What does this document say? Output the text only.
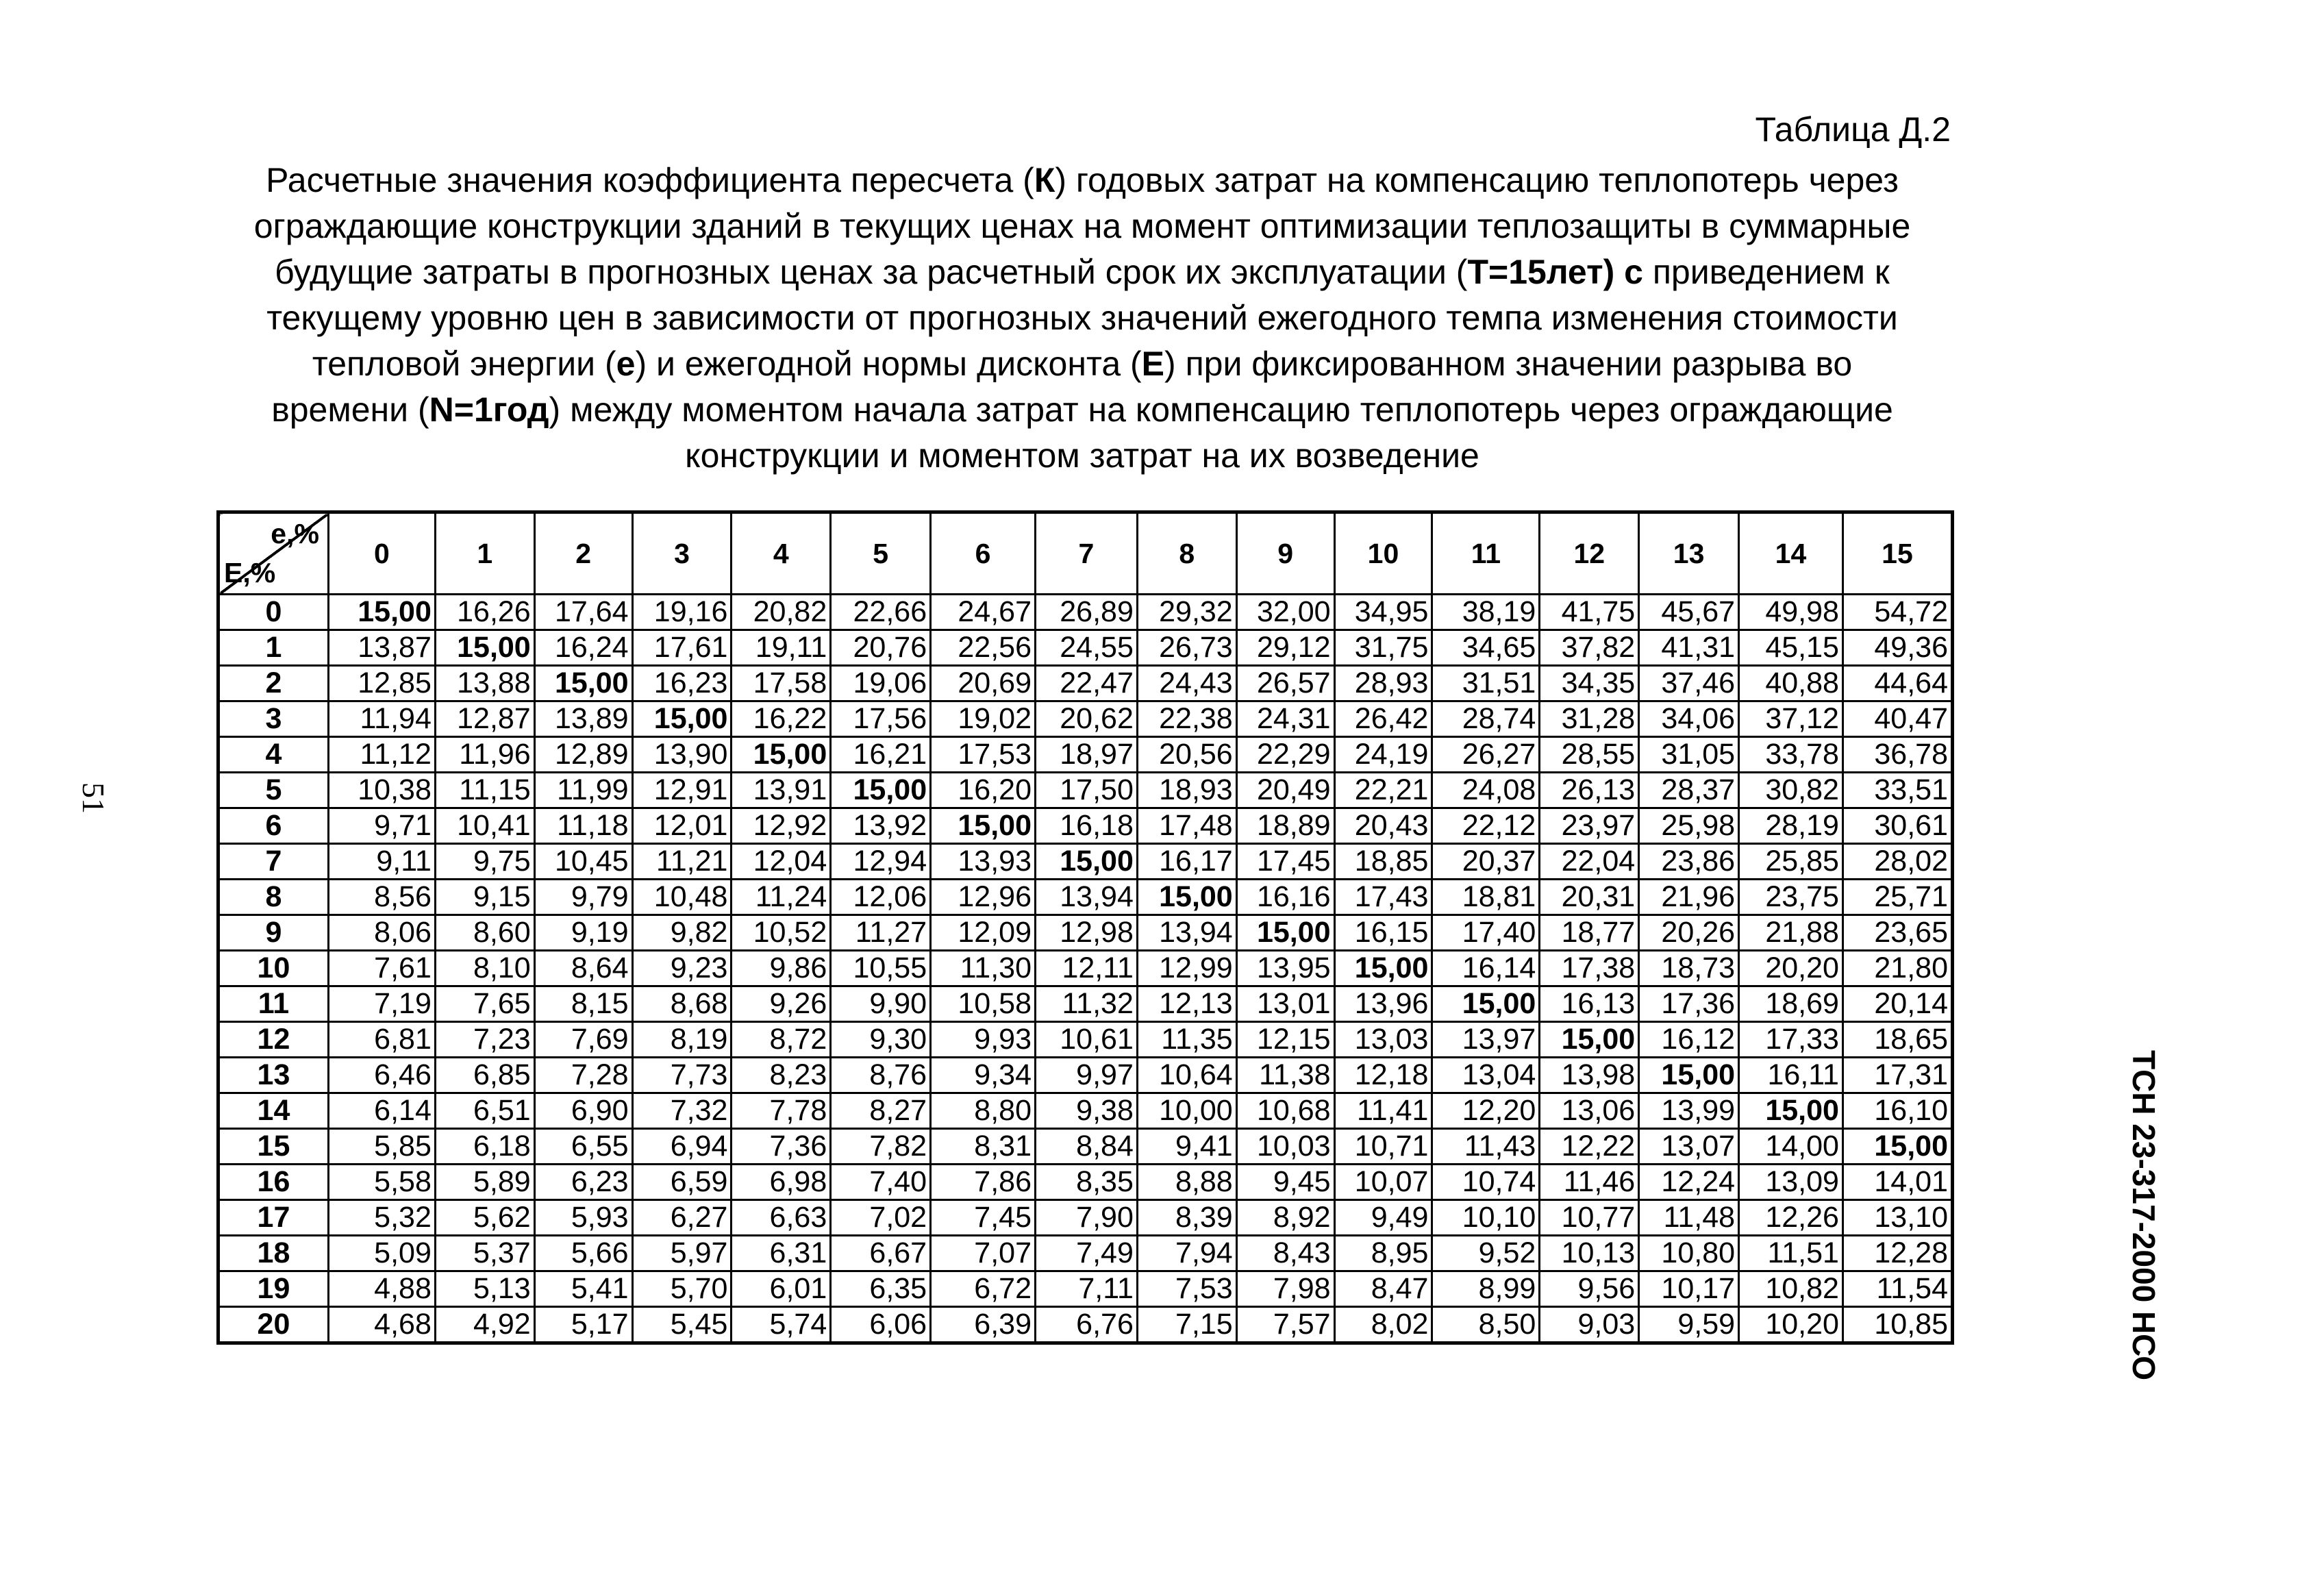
Таблица Д.2
Расчетные значения коэффициента пересчета (К) годовых затрат на компенсацию теплопотерь через
ограждающие конструкции зданий в текущих ценах на момент оптимизации теплозащиты в суммарные
будущие затраты в прогнозных ценах за расчетный срок их эксплуатации (Т=15лет) с приведением к
текущему уровню цен в зависимости от прогнозных значений ежегодного темпа изменения стоимости
тепловой энергии (е) и ежегодной нормы дисконта (Е) при фиксированном значении разрыва во
времени (N=1год) между моментом начала затрат на компенсацию теплопотерь через ограждающие
конструкции и моментом затрат на их возведение
51
ТСН 23-317-2000 НСО
е,%
Е,%	0	1	2	3	4	5	6	7	8	9	10	11	12	13	14	15
0	15,00	16,26	17,64	19,16	20,82	22,66	24,67	26,89	29,32	32,00	34,95	38,19	41,75	45,67	49,98	54,72
1	13,87	15,00	16,24	17,61	19,11	20,76	22,56	24,55	26,73	29,12	31,75	34,65	37,82	41,31	45,15	49,36
2	12,85	13,88	15,00	16,23	17,58	19,06	20,69	22,47	24,43	26,57	28,93	31,51	34,35	37,46	40,88	44,64
3	11,94	12,87	13,89	15,00	16,22	17,56	19,02	20,62	22,38	24,31	26,42	28,74	31,28	34,06	37,12	40,47
4	11,12	11,96	12,89	13,90	15,00	16,21	17,53	18,97	20,56	22,29	24,19	26,27	28,55	31,05	33,78	36,78
5	10,38	11,15	11,99	12,91	13,91	15,00	16,20	17,50	18,93	20,49	22,21	24,08	26,13	28,37	30,82	33,51
6	9,71	10,41	11,18	12,01	12,92	13,92	15,00	16,18	17,48	18,89	20,43	22,12	23,97	25,98	28,19	30,61
7	9,11	9,75	10,45	11,21	12,04	12,94	13,93	15,00	16,17	17,45	18,85	20,37	22,04	23,86	25,85	28,02
8	8,56	9,15	9,79	10,48	11,24	12,06	12,96	13,94	15,00	16,16	17,43	18,81	20,31	21,96	23,75	25,71
9	8,06	8,60	9,19	9,82	10,52	11,27	12,09	12,98	13,94	15,00	16,15	17,40	18,77	20,26	21,88	23,65
10	7,61	8,10	8,64	9,23	9,86	10,55	11,30	12,11	12,99	13,95	15,00	16,14	17,38	18,73	20,20	21,80
11	7,19	7,65	8,15	8,68	9,26	9,90	10,58	11,32	12,13	13,01	13,96	15,00	16,13	17,36	18,69	20,14
12	6,81	7,23	7,69	8,19	8,72	9,30	9,93	10,61	11,35	12,15	13,03	13,97	15,00	16,12	17,33	18,65
13	6,46	6,85	7,28	7,73	8,23	8,76	9,34	9,97	10,64	11,38	12,18	13,04	13,98	15,00	16,11	17,31
14	6,14	6,51	6,90	7,32	7,78	8,27	8,80	9,38	10,00	10,68	11,41	12,20	13,06	13,99	15,00	16,10
15	5,85	6,18	6,55	6,94	7,36	7,82	8,31	8,84	9,41	10,03	10,71	11,43	12,22	13,07	14,00	15,00
16	5,58	5,89	6,23	6,59	6,98	7,40	7,86	8,35	8,88	9,45	10,07	10,74	11,46	12,24	13,09	14,01
17	5,32	5,62	5,93	6,27	6,63	7,02	7,45	7,90	8,39	8,92	9,49	10,10	10,77	11,48	12,26	13,10
18	5,09	5,37	5,66	5,97	6,31	6,67	7,07	7,49	7,94	8,43	8,95	9,52	10,13	10,80	11,51	12,28
19	4,88	5,13	5,41	5,70	6,01	6,35	6,72	7,11	7,53	7,98	8,47	8,99	9,56	10,17	10,82	11,54
20	4,68	4,92	5,17	5,45	5,74	6,06	6,39	6,76	7,15	7,57	8,02	8,50	9,03	9,59	10,20	10,85
